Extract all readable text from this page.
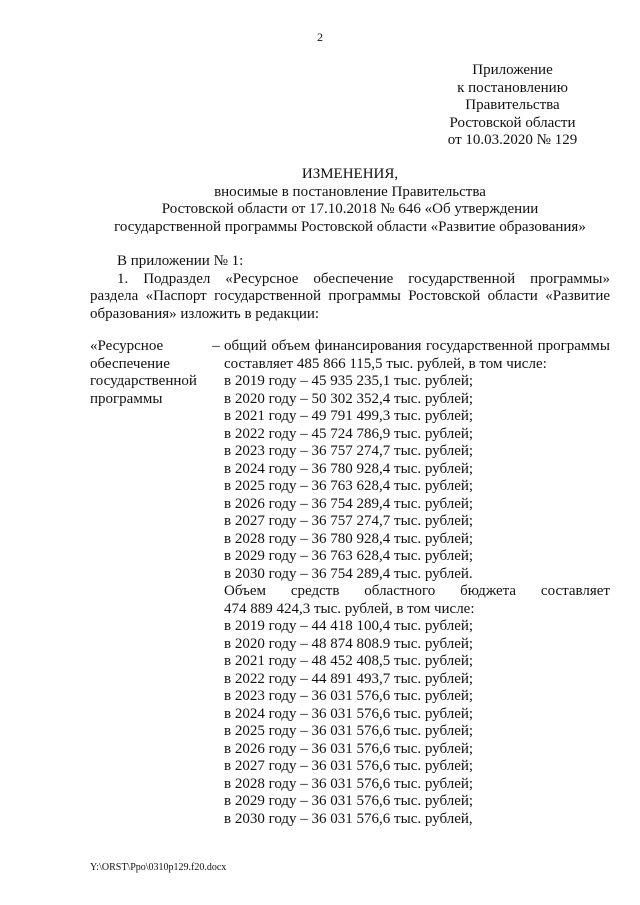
2
Приложение
к постановлению
Правительства
Ростовской области
от 10.03.2020 № 129
ИЗМЕНЕНИЯ,
вносимые в постановление Правительства
Ростовской области от 17.10.2018 № 646 «Об утверждении
государственной программы Ростовской области «Развитие образования»
В приложении № 1:
1. Подраздел «Ресурсное обеспечение государственной программы»
раздела «Паспорт государственной программы Ростовской области «Развитие
образования» изложить в редакции:
«Ресурсное
обеспечение
государственной
программы
– общий объем финансирования государственной программы
составляет 485 866 115,5 тыс. рублей, в том числе:
в 2019 году – 45 935 235,1 тыс. рублей;
в 2020 году – 50 302 352,4 тыс. рублей;
в 2021 году – 49 791 499,3 тыс. рублей;
в 2022 году – 45 724 786,9 тыс. рублей;
в 2023 году – 36 757 274,7 тыс. рублей;
в 2024 году – 36 780 928,4 тыс. рублей;
в 2025 году – 36 763 628,4 тыс. рублей;
в 2026 году – 36 754 289,4 тыс. рублей;
в 2027 году – 36 757 274,7 тыс. рублей;
в 2028 году – 36 780 928,4 тыс. рублей;
в 2029 году – 36 763 628,4 тыс. рублей;
в 2030 году – 36 754 289,4 тыс. рублей.
Объем средств областного бюджета составляет
474 889 424,3 тыс. рублей, в том числе:
в 2019 году – 44 418 100,4 тыс. рублей;
в 2020 году – 48 874 808.9 тыс. рублей;
в 2021 году – 48 452 408,5 тыс. рублей;
в 2022 году – 44 891 493,7 тыс. рублей;
в 2023 году – 36 031 576,6 тыс. рублей;
в 2024 году – 36 031 576,6 тыс. рублей;
в 2025 году – 36 031 576,6 тыс. рублей;
в 2026 году – 36 031 576,6 тыс. рублей;
в 2027 году – 36 031 576,6 тыс. рублей;
в 2028 году – 36 031 576,6 тыс. рублей;
в 2029 году – 36 031 576,6 тыс. рублей;
в 2030 году – 36 031 576,6 тыс. рублей,
Y:\ORST\Ppo\0310p129.f20.docx
